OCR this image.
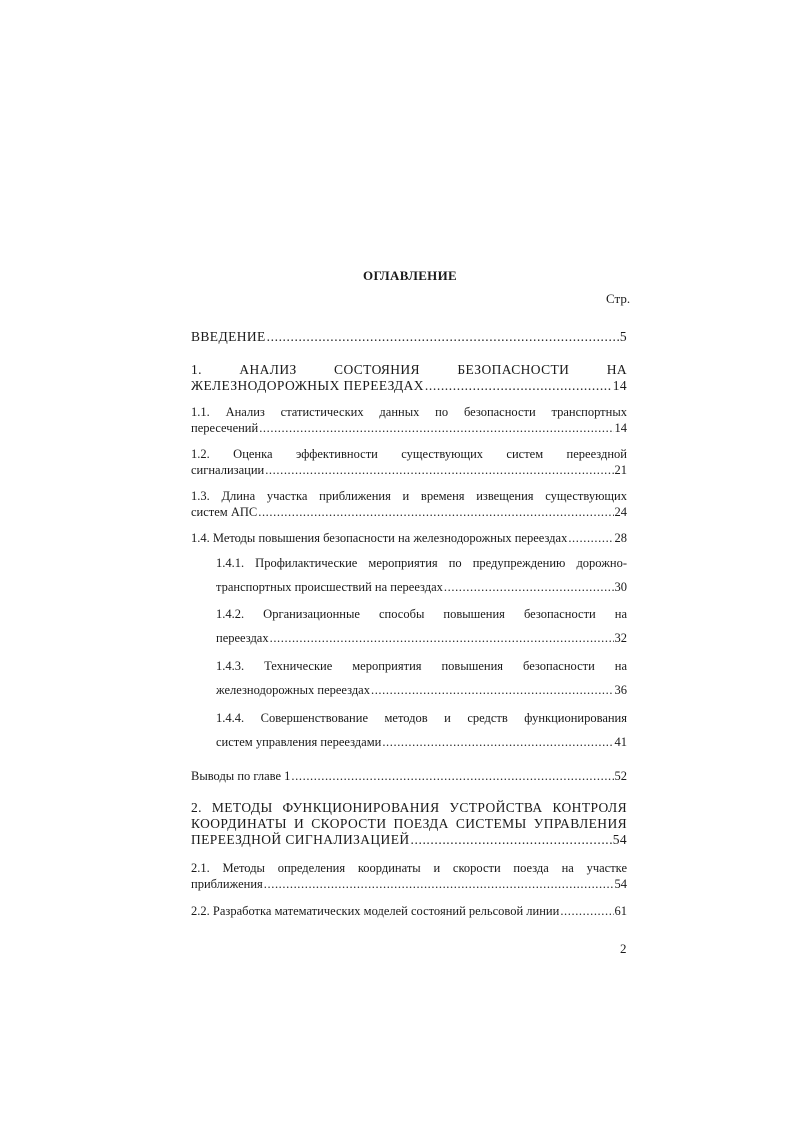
ОГЛАВЛЕНИЕ
Стр.
ВВЕДЕНИЕ .....	5
1. АНАЛИЗ СОСТОЯНИЯ БЕЗОПАСНОСТИ НА
ЖЕЛЕЗНОДОРОЖНЫХ ПЕРЕЕЗДАХ .....	14
1.1. Анализ статистических данных по безопасности транспортных
пересечений .....	14
1.2. Оценка эффективности существующих систем переездной
сигнализации .....	21
1.3. Длина участка приближения и временя извещения существующих
систем АПС .....	24
1.4. Методы повышения безопасности на железнодорожных переездах .....	28
1.4.1. Профилактические мероприятия по предупреждению дорожно-
транспортных происшествий на переездах .....	30
1.4.2. Организационные способы повышения безопасности на
переездах .....	32
1.4.3. Технические мероприятия повышения безопасности на
железнодорожных переездах .....	36
1.4.4. Совершенствование методов и средств функционирования
систем управления переездами .....	41
Выводы по главе 1 .....	52
2. МЕТОДЫ ФУНКЦИОНИРОВАНИЯ УСТРОЙСТВА КОНТРОЛЯ
КООРДИНАТЫ И СКОРОСТИ ПОЕЗДА СИСТЕМЫ УПРАВЛЕНИЯ
ПЕРЕЕЗДНОЙ СИГНАЛИЗАЦИЕЙ .....	54
2.1. Методы определения координаты и скорости поезда на участке
приближения .....	54
2.2. Разработка математических моделей состояний рельсовой линии .....	61
2
